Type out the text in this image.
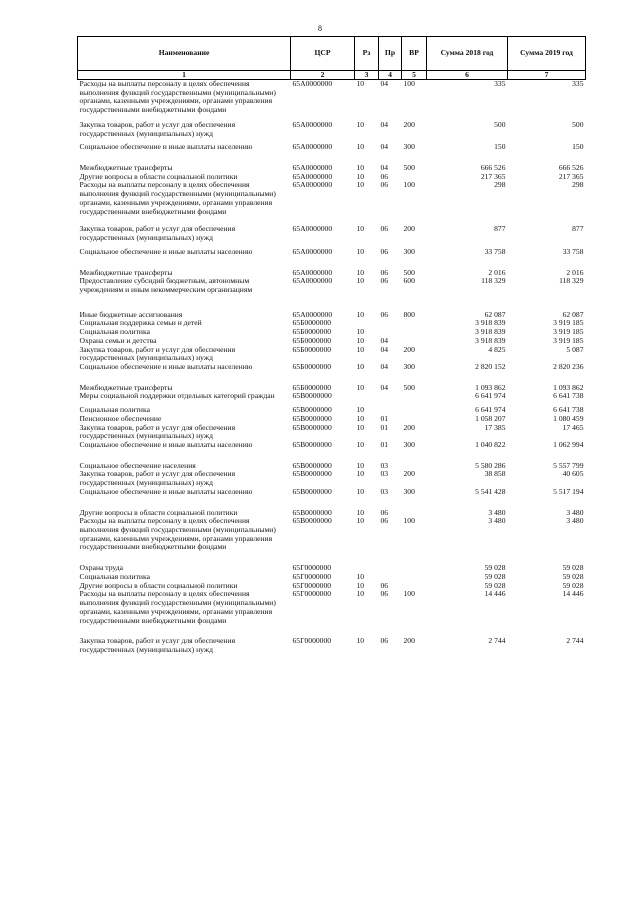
8
Наименование	ЦСР	Рз	Пр	ВР	Сумма 2018 год	Сумма 2019 год
1	2	3	4	5	6	7
Расходы на выплаты персоналу в целях обеспечения выполнения функций государственными (муниципальными) органами, казенными учреждениями, органами управления государственными внебюджетными фондами	65А0000000	10	04	100	335	335

Закупка товаров, работ и услуг для обеспечения государственных (муниципальных) нужд	65А0000000	10	04	200	500	500

Социальное обеспечение и иные выплаты населению	65А0000000	10	04	300	150	150

Межбюджетные трансферты	65А0000000	10	04	500	666 526	666 526
Другие вопросы в области социальной политики	65А0000000	10	06		217 365	217 365
Расходы на выплаты персоналу в целях обеспечения выполнения функций государственными (муниципальными) органами, казенными учреждениями, органами управления государственными внебюджетными фондами	65А0000000	10	06	100	298	298

Закупка товаров, работ и услуг для обеспечения государственных (муниципальных) нужд	65А0000000	10	06	200	877	877

Социальное обеспечение и иные выплаты населению	65А0000000	10	06	300	33 758	33 758

Межбюджетные трансферты	65А0000000	10	06	500	2 016	2 016
Предоставление субсидий бюджетным, автономным учреждениям и иным некоммерческим организациям	65А0000000	10	06	600	118 329	118 329

Иные бюджетные ассигнования	65А0000000	10	06	800	62 087	62 087
Социальная поддержка семьи и детей	65Б0000000				3 918 839	3 919 185
Социальная политика	65Б0000000	10			3 918 839	3 919 185
Охрана семьи и детства	65Б0000000	10	04		3 918 839	3 919 185
Закупка товаров, работ и услуг для обеспечения государственных (муниципальных) нужд	65Б0000000	10	04	200	4 825	5 087
Социальное обеспечение и иные выплаты населению	65Б0000000	10	04	300	2 820 152	2 820 236

Межбюджетные трансферты	65Б0000000	10	04	500	1 093 862	1 093 862
Меры социальной поддержки отдельных категорий граждан	65В0000000				6 641 974	6 641 738

Социальная политика	65В0000000	10			6 641 974	6 641 738
Пенсионное обеспечение	65В0000000	10	01		1 058 207	1 080 459
Закупка товаров, работ и услуг для обеспечения государственных (муниципальных) нужд	65В0000000	10	01	200	17 385	17 465
Социальное обеспечение и иные выплаты населению	65В0000000	10	01	300	1 040 822	1 062 994

Социальное обеспечение населения	65В0000000	10	03		5 580 286	5 557 799
Закупка товаров, работ и услуг для обеспечения государственных (муниципальных) нужд	65В0000000	10	03	200	38 858	40 605
Социальное обеспечение и иные выплаты населению	65В0000000	10	03	300	5 541 428	5 517 194

Другие вопросы в области социальной политики	65В0000000	10	06		3 480	3 480
Расходы на выплаты персоналу в целях обеспечения выполнения функций государственными (муниципальными) органами, казенными учреждениями, органами управления государственными внебюджетными фондами	65В0000000	10	06	100	3 480	3 480

Охрана труда	65Г0000000				59 028	59 028
Социальная политика	65Г0000000	10			59 028	59 028
Другие вопросы в области социальной политики	65Г0000000	10	06		59 028	59 028
Расходы на выплаты персоналу в целях обеспечения выполнения функций государственными (муниципальными) органами, казенными учреждениями, органами управления государственными внебюджетными фондами	65Г0000000	10	06	100	14 446	14 446

Закупка товаров, работ и услуг для обеспечения государственных (муниципальных) нужд	65Г0000000	10	06	200	2 744	2 744
